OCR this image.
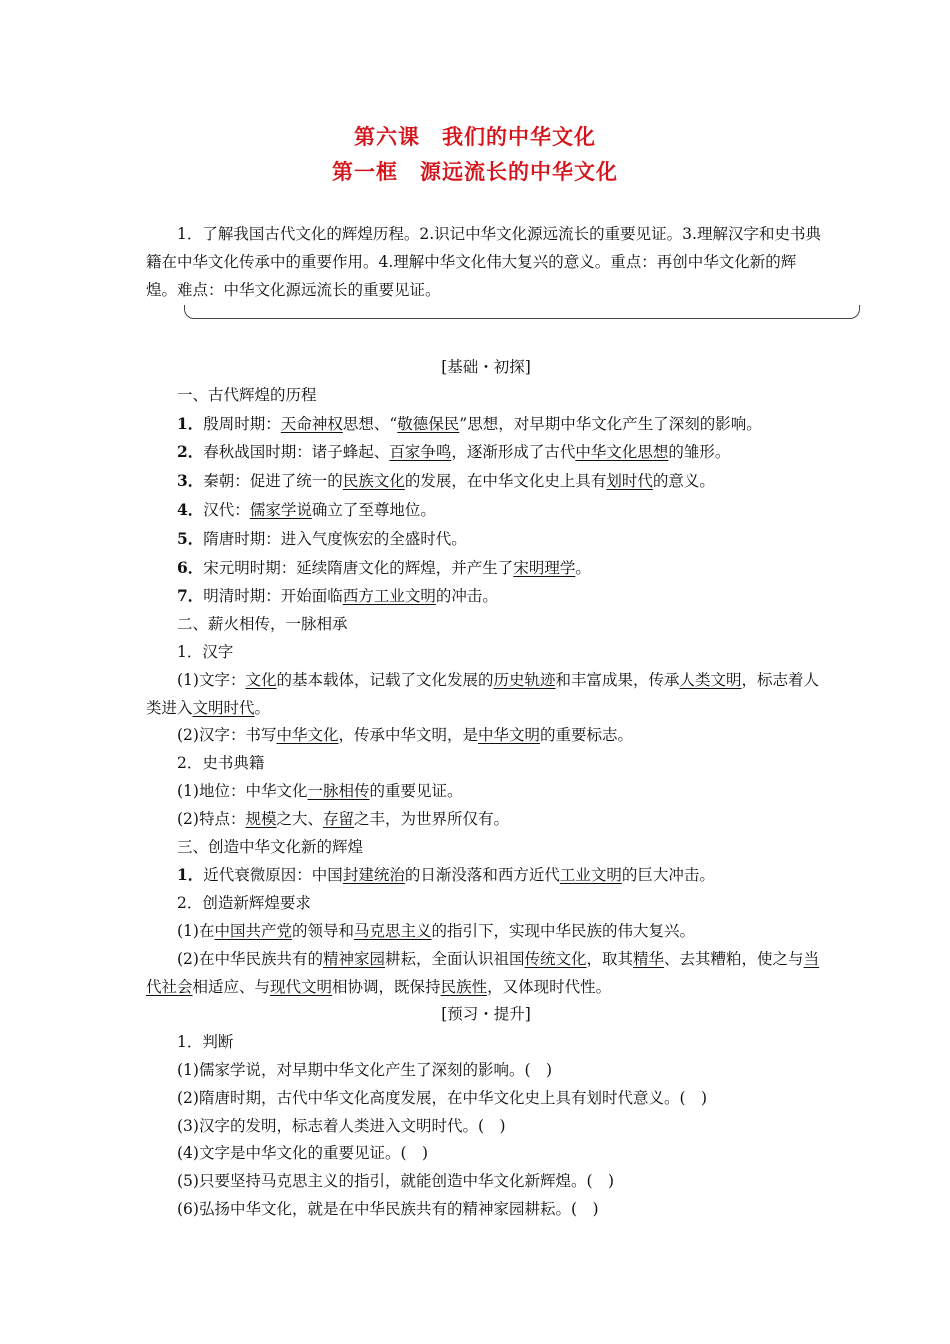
第六课　我们的中华文化
第一框　源远流长的中华文化

1．了解我国古代文化的辉煌历程。2.识记中华文化源远流长的重要见证。3.理解汉字和史书典籍在中华文化传承中的重要作用。4.理解中华文化伟大复兴的意义。重点：再创中华文化新的辉煌。难点：中华文化源远流长的重要见证。

[基础・初探]
一、古代辉煌的历程
1．殷周时期：天命神权思想、“敬德保民”思想，对早期中华文化产生了深刻的影响。
2．春秋战国时期：诸子蜂起、百家争鸣，逐渐形成了古代中华文化思想的雏形。
3．秦朝：促进了统一的民族文化的发展，在中华文化史上具有划时代的意义。
4．汉代：儒家学说确立了至尊地位。
5．隋唐时期：进入气度恢宏的全盛时代。
6．宋元明时期：延续隋唐文化的辉煌，并产生了宋明理学。
7．明清时期：开始面临西方工业文明的冲击。
二、薪火相传，一脉相承
1．汉字
(1)文字：文化的基本载体，记载了文化发展的历史轨迹和丰富成果，传承人类文明，标志着人类进入文明时代。
(2)汉字：书写中华文化，传承中华文明，是中华文明的重要标志。
2．史书典籍
(1)地位：中华文化一脉相传的重要见证。
(2)特点：规模之大、存留之丰，为世界所仅有。
三、创造中华文化新的辉煌
1．近代衰微原因：中国封建统治的日渐没落和西方近代工业文明的巨大冲击。
2．创造新辉煌要求
(1)在中国共产党的领导和马克思主义的指引下，实现中华民族的伟大复兴。
(2)在中华民族共有的精神家园耕耘，全面认识祖国传统文化，取其精华、去其糟粕，使之与当代社会相适应、与现代文明相协调，既保持民族性，又体现时代性。
[预习・提升]
1．判断
(1)儒家学说，对早期中华文化产生了深刻的影响。(　)
(2)隋唐时期，古代中华文化高度发展，在中华文化史上具有划时代意义。(　)
(3)汉字的发明，标志着人类进入文明时代。(　)
(4)文字是中华文化的重要见证。(　)
(5)只要坚持马克思主义的指引，就能创造中华文化新辉煌。(　)
(6)弘扬中华文化，就是在中华民族共有的精神家园耕耘。(　)
